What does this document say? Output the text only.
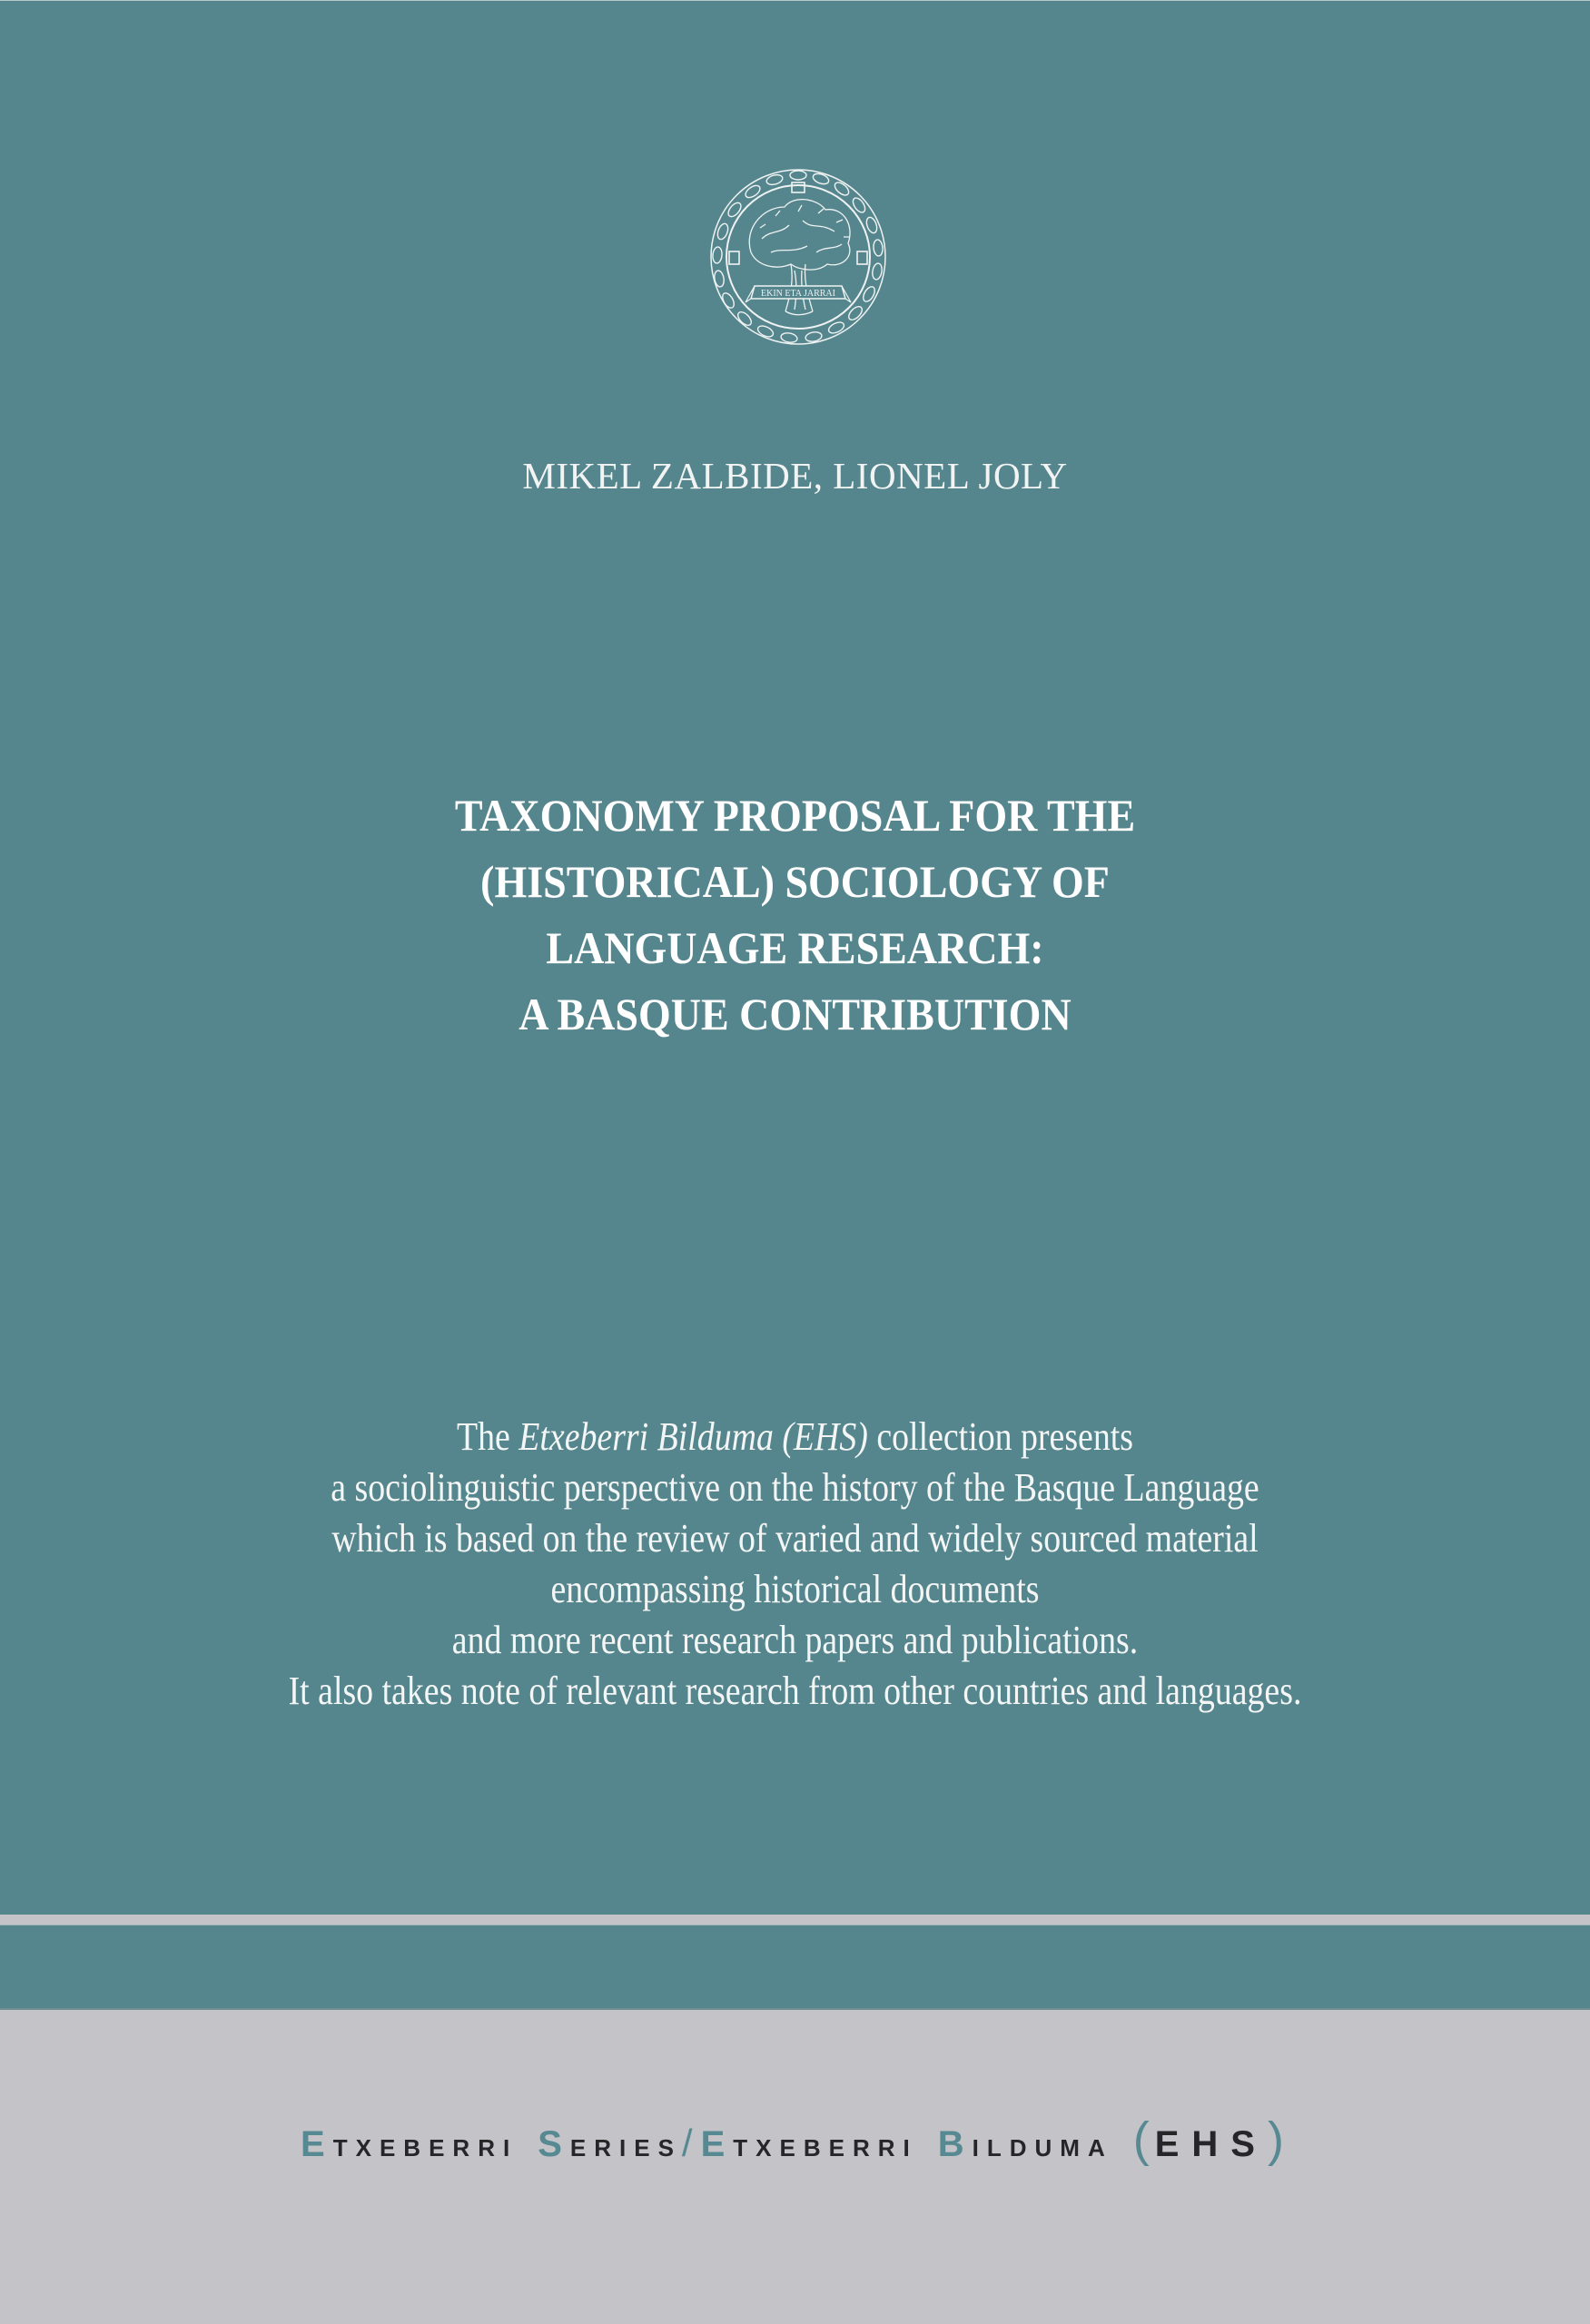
EKIN ETA JARRAI
MIKEL ZALBIDE, LIONEL JOLY
TAXONOMY PROPOSAL FOR THE
(HISTORICAL) SOCIOLOGY OF
LANGUAGE RESEARCH:
A BASQUE CONTRIBUTION
The Etxeberri Bilduma (EHS) collection presents
a sociolinguistic perspective on the history of the Basque Language
which is based on the review of varied and widely sourced material
encompassing historical documents
and more recent research papers and publications.
It also takes note of relevant research from other countries and languages.
ETXEBERRI SERIES/ETXEBERRI BILDUMA (EHS)
